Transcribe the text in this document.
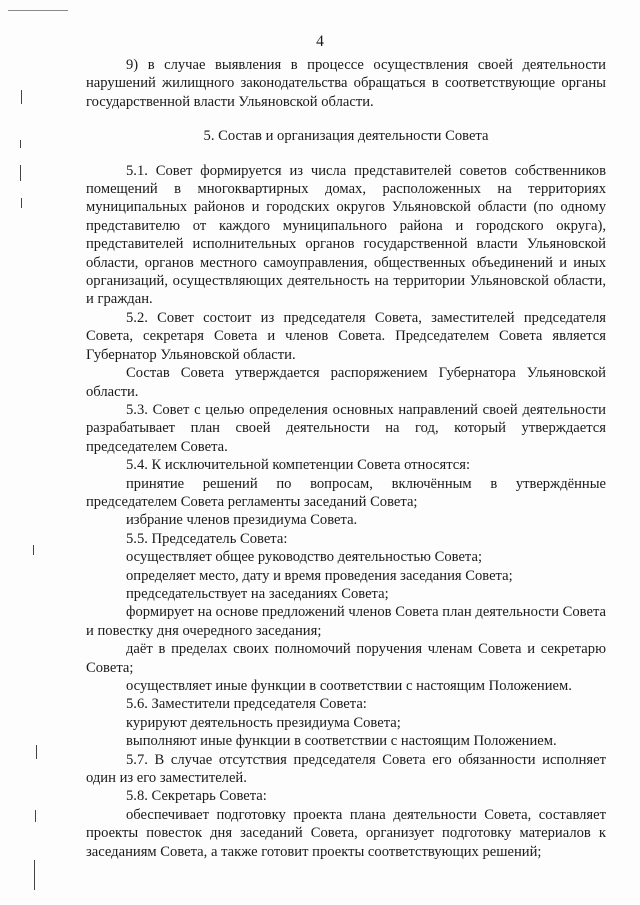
4

9) в случае выявления в процессе осуществления своей деятельности нарушений жилищного законодательства обращаться в соответствующие органы государственной власти Ульяновской области.

5. Состав и организация деятельности Совета

5.1. Совет формируется из числа представителей советов собственников помещений в многоквартирных домах, расположенных на территориях муниципальных районов и городских округов Ульяновской области (по одному представителю от каждого муниципального района и городского округа), представителей исполнительных органов государственной власти Ульяновской области, органов местного самоуправления, общественных объединений и иных организаций, осуществляющих деятельность на территории Ульяновской области, и граждан.

5.2. Совет состоит из председателя Совета, заместителей председателя Совета, секретаря Совета и членов Совета. Председателем Совета является Губернатор Ульяновской области.

Состав Совета утверждается распоряжением Губернатора Ульяновской области.

5.3. Совет с целью определения основных направлений своей деятельности разрабатывает план своей деятельности на год, который утверждается председателем Совета.

5.4. К исключительной компетенции Совета относятся:

принятие решений по вопросам, включённым в утверждённые председателем Совета регламенты заседаний Совета;

избрание членов президиума Совета.

5.5. Председатель Совета:

осуществляет общее руководство деятельностью Совета;

определяет место, дату и время проведения заседания Совета;

председательствует на заседаниях Совета;

формирует на основе предложений членов Совета план деятельности Совета и повестку дня очередного заседания;

даёт в пределах своих полномочий поручения членам Совета и секретарю Совета;

осуществляет иные функции в соответствии с настоящим Положением.

5.6. Заместители председателя Совета:

курируют деятельность президиума Совета;

выполняют иные функции в соответствии с настоящим Положением.

5.7. В случае отсутствия председателя Совета его обязанности исполняет один из его заместителей.

5.8. Секретарь Совета:

обеспечивает подготовку проекта плана деятельности Совета, составляет проекты повесток дня заседаний Совета, организует подготовку материалов к заседаниям Совета, а также готовит проекты соответствующих решений;
